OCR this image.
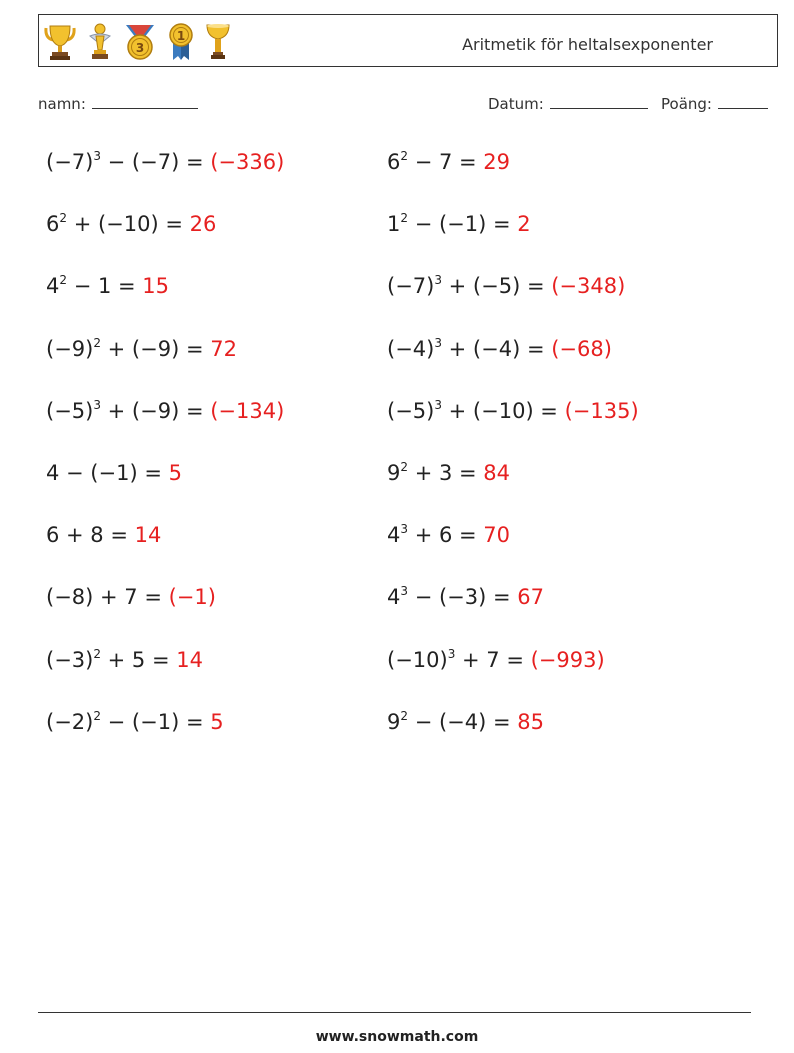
3
1	Aritmetik för heltalsexponenter
namn:	Datum:	Poäng:
$(-7)^3 - (-7) = (-336)$
$6^2 + (-10) = 26$
$4^2 - 1 = 15$
$(-9)^2 + (-9) = 72$
$(-5)^3 + (-9) = (-134)$
4 − (−1) = 5
6 + 8 = 14
(−8) + 7 = (−1)
$(-3)^2 + 5 = 14$
$(-2)^2 - (-1) = 5$
$6^2 - 7 = 29$
$1^2 - (-1) = 2$
$(-7)^3 + (-5) = (-348)$
$(-4)^3 + (-4) = (-68)$
$(-5)^3 + (-10) = (-135)$
$9^2 + 3 = 84$
$4^3 + 6 = 70$
$4^3 - (-3) = 67$
$(-10)^3 + 7 = (-993)$
$9^2 - (-4) = 85$
www.snowmath.com
